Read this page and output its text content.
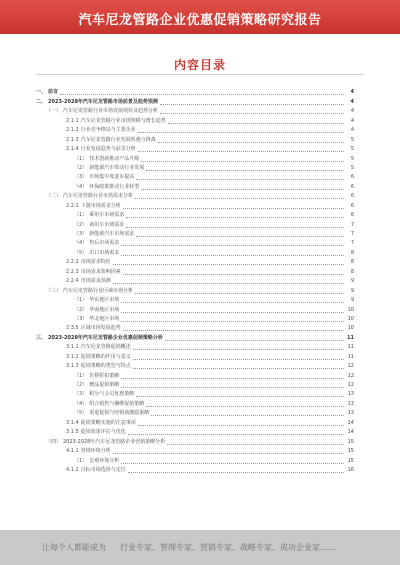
汽车尼龙管路企业优惠促销策略研究报告
内容目录
一、 前言	4
二、 2023-2028年汽车尼龙管路市场前景及趋势预测	4
（一） 汽车尼龙管路行业市场发展现状及趋势分析	4
2.1.1 汽车尼龙管路行业市场规模与增长趋势	4
2.1.2 行业竞争格局与主要企业	4
2.1.3 汽车尼龙管路行业发展机遇与挑战	5
2.1.4 行业发展趋势与前景分析	5
（1） 技术创新推动产品升级	5
（2） 新能源汽车带动行业发展	5
（3） 市场集中度逐步提高	6
（4） 环保政策推动行业转型	6
（二） 汽车尼龙管路行业市场需求分析	6
2.2.1 下游市场需求分析	6
（1） 乘用车市场需求	6
（2） 商用车市场需求	7
（3） 新能源汽车市场需求	7
（4） 售后市场需求	7
（5） 出口市场需求	8
2.2.2 市场需求特征	8
2.2.3 市场需求影响因素	8
2.2.4 市场需求预测	9
（三） 汽车尼龙管路行业区域市场分析	9
（1） 华东地区市场	9
（2） 华南地区市场	10
（3） 华北地区市场	10
2.3.5 区域市场发展趋势	10
三、 2023-2028年汽车尼龙管路企业优惠促销策略分析	11
3.1.1 汽车尼龙管路促销概述	11
3.1.2 促销策略的作用与意义	11
3.1.3 促销策略的类型与特点	12
（1） 价格折扣策略	12
（2） 赠品促销策略	12
（3） 积分与会员优惠策略	13
（4） 组合销售与捆绑促销策略	13
（5） 渠道促销与经销商激励策略	13
3.1.4 促销策略实施的注意事项	14
3.1.5 促销效果评估与优化	14
（四） 2023-2028年汽车尼龙管路企业营销策略分析	15
4.1.1 营销环境分析	15
（1） 宏观环境分析	15
4.1.2 目标市场选择与定位	16
让每个人都能成为 行业专家、管理专家、营销专家、战略专家、成功企业家……
